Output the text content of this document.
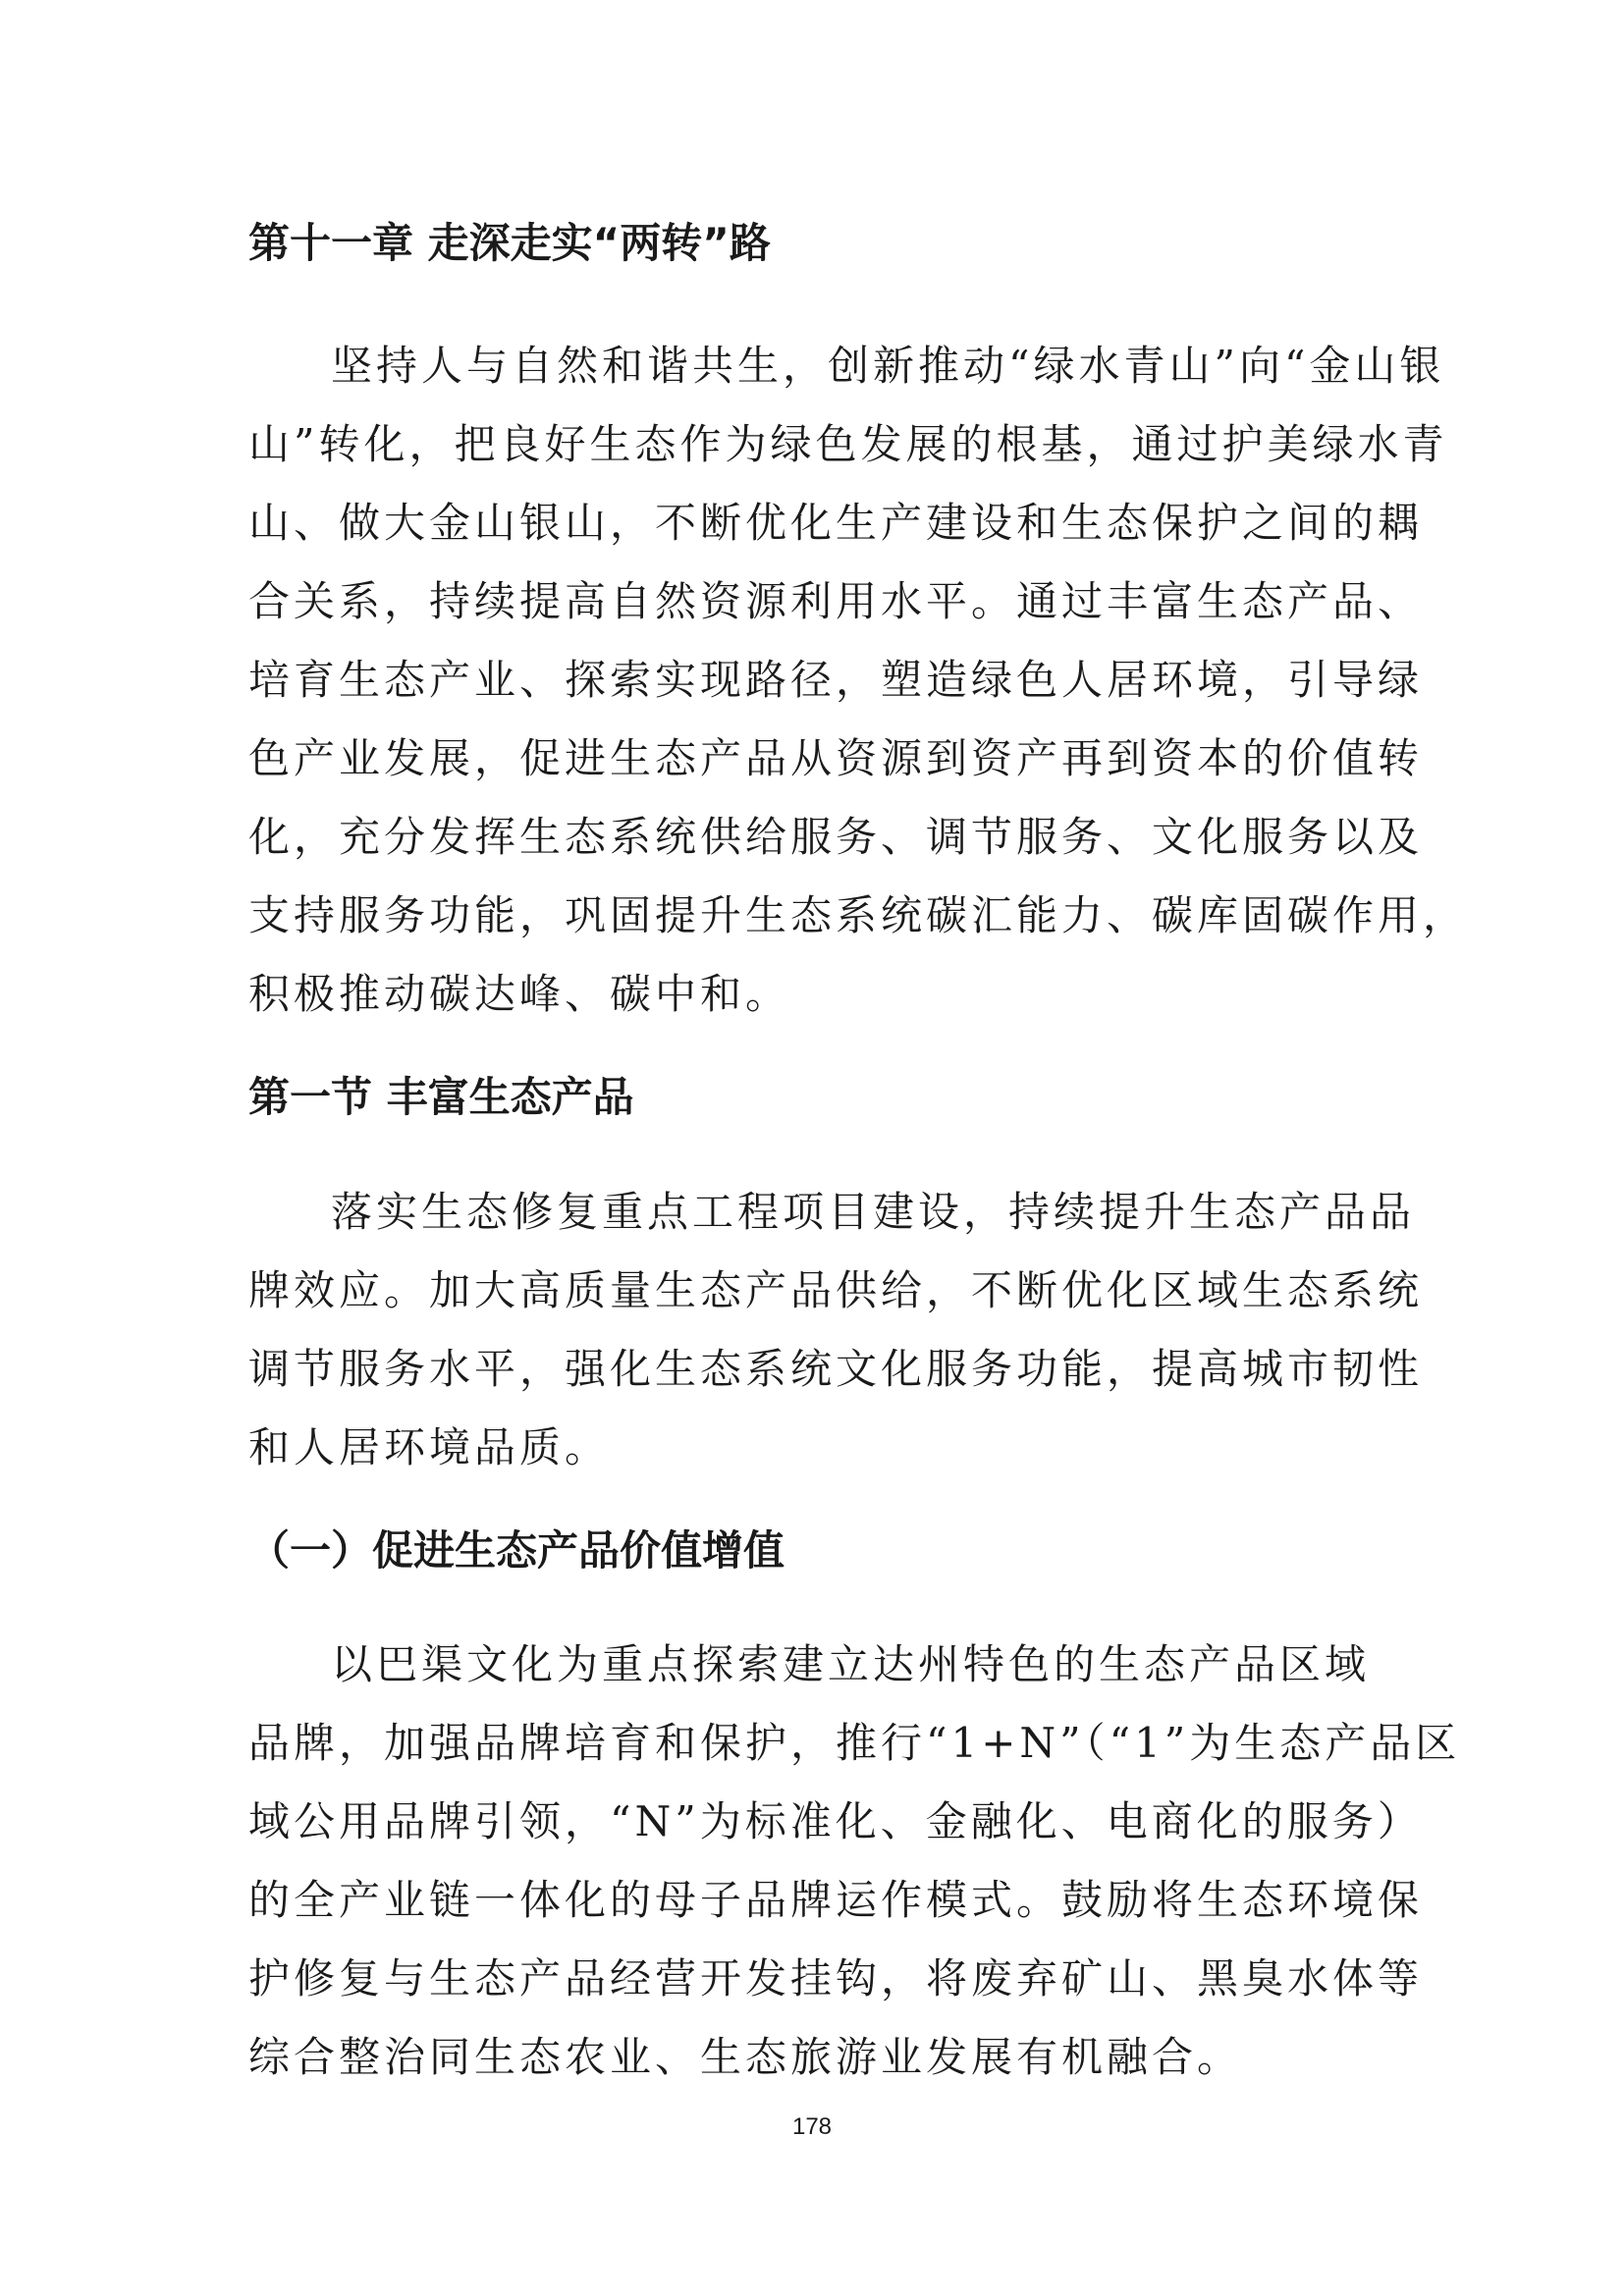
第十一章 走深走实“两转”路
坚持人与自然和谐共生，创新推动“绿水青山”向“金山银
山”转化，把良好生态作为绿色发展的根基，通过护美绿水青
山、做大金山银山，不断优化生产建设和生态保护之间的耦
合关系，持续提高自然资源利用水平。通过丰富生态产品、
培育生态产业、探索实现路径，塑造绿色人居环境，引导绿
色产业发展，促进生态产品从资源到资产再到资本的价值转
化，充分发挥生态系统供给服务、调节服务、文化服务以及
支持服务功能，巩固提升生态系统碳汇能力、碳库固碳作用，
积极推动碳达峰、碳中和。
第一节 丰富生态产品
落实生态修复重点工程项目建设，持续提升生态产品品
牌效应。加大高质量生态产品供给，不断优化区域生态系统
调节服务水平，强化生态系统文化服务功能，提高城市韧性
和人居环境品质。
（一）促进生态产品价值增值
以巴渠文化为重点探索建立达州特色的生态产品区域
品牌，加强品牌培育和保护，推行“1+N”（“1”为生态产品区
域公用品牌引领，“N”为标准化、金融化、电商化的服务）
的全产业链一体化的母子品牌运作模式。鼓励将生态环境保
护修复与生态产品经营开发挂钩，将废弃矿山、黑臭水体等
综合整治同生态农业、生态旅游业发展有机融合。
178
